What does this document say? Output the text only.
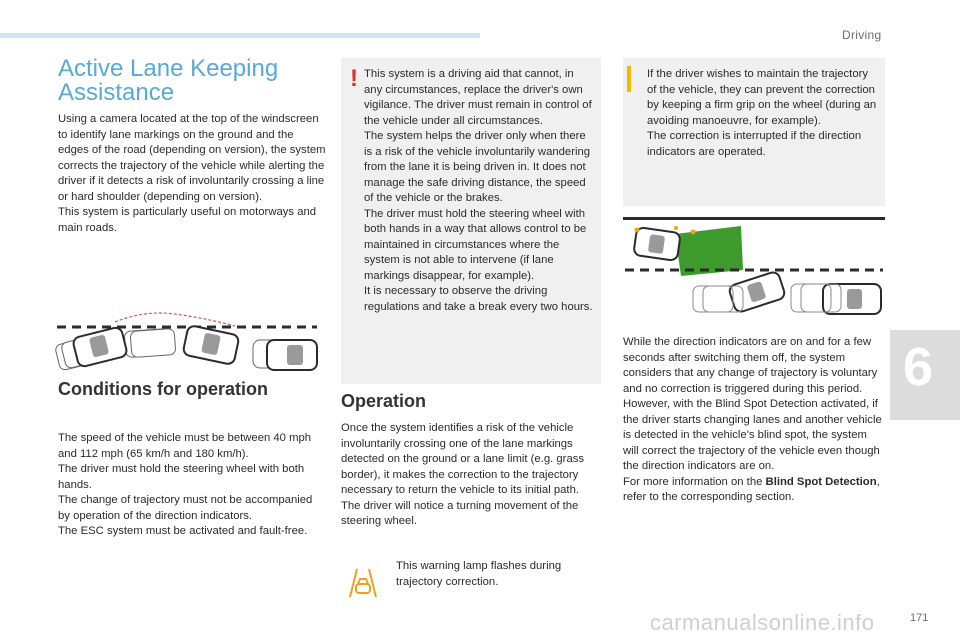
Driving
Active Lane Keeping Assistance

Using a camera located at the top of the windscreen to identify lane markings on the ground and the edges of the road (depending on version), the system corrects the trajectory of the vehicle while alerting the driver if it detects a risk of involuntarily crossing a line or hard shoulder (depending on version).
This system is particularly useful on motorways and main roads.

Conditions for operation

The speed of the vehicle must be between 40 mph and 112 mph (65 km/h and 180 km/h).
The driver must hold the steering wheel with both hands.
The change of trajectory must not be accompanied by operation of the direction indicators.
The ESC system must be activated and fault-free.

! This system is a driving aid that cannot, in any circumstances, replace the driver's own vigilance. The driver must remain in control of the vehicle under all circumstances.
The system helps the driver only when there is a risk of the vehicle involuntarily wandering from the lane it is being driven in. It does not manage the safe driving distance, the speed of the vehicle or the brakes.
The driver must hold the steering wheel with both hands in a way that allows control to be maintained in circumstances where the system is not able to intervene (if lane markings disappear, for example).
It is necessary to observe the driving regulations and take a break every two hours.

Operation

Once the system identifies a risk of the vehicle involuntarily crossing one of the lane markings detected on the ground or a lane limit (e.g. grass border), it makes the correction to the trajectory necessary to return the vehicle to its initial path.
The driver will notice a turning movement of the steering wheel.

This warning lamp flashes during trajectory correction.

If the driver wishes to maintain the trajectory of the vehicle, they can prevent the correction by keeping a firm grip on the wheel (during an avoiding manoeuvre, for example).
The correction is interrupted if the direction indicators are operated.

While the direction indicators are on and for a few seconds after switching them off, the system considers that any change of trajectory is voluntary and no correction is triggered during this period.
However, with the Blind Spot Detection activated, if the driver starts changing lanes and another vehicle is detected in the vehicle's blind spot, the system will correct the trajectory of the vehicle even though the direction indicators are on.
For more information on the Blind Spot Detection, refer to the corresponding section.

6
carmanualsonline.info	171
